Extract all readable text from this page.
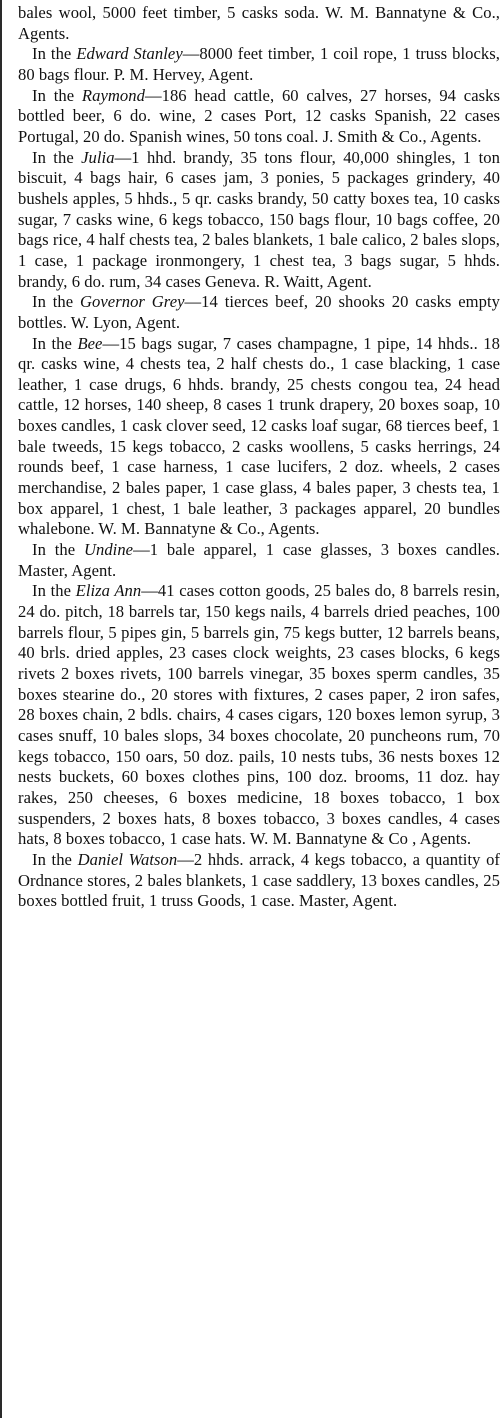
bales wool, 5000 feet timber, 5 casks soda. W. M. Bannatyne & Co., Agents.

In the Edward Stanley—8000 feet timber, 1 coil rope, 1 truss blocks, 80 bags flour. P. M. Hervey, Agent.

In the Raymond—186 head cattle, 60 calves, 27 horses, 94 casks bottled beer, 6 do. wine, 2 cases Port, 12 casks Spanish, 22 cases Portugal, 20 do. Spanish wines, 50 tons coal. J. Smith & Co., Agents.

In the Julia—1 hhd. brandy, 35 tons flour, 40,000 shingles, 1 ton biscuit, 4 bags hair, 6 cases jam, 3 ponies, 5 packages grindery, 40 bushels apples, 5 hhds., 5 qr. casks brandy, 50 catty boxes tea, 10 casks sugar, 7 casks wine, 6 kegs tobacco, 150 bags flour, 10 bags coffee, 20 bags rice, 4 half chests tea, 2 bales blankets, 1 bale calico, 2 bales slops, 1 case, 1 package ironmongery, 1 chest tea, 3 bags sugar, 5 hhds. brandy, 6 do. rum, 34 cases Geneva. R. Waitt, Agent.

In the Governor Grey—14 tierces beef, 20 shooks 20 casks empty bottles. W. Lyon, Agent.

In the Bee—15 bags sugar, 7 cases champagne, 1 pipe, 14 hhds.. 18 qr. casks wine, 4 chests tea, 2 half chests do., 1 case blacking, 1 case leather, 1 case drugs, 6 hhds. brandy, 25 chests congou tea, 24 head cattle, 12 horses, 140 sheep, 8 cases 1 trunk drapery, 20 boxes soap, 10 boxes candles, 1 cask clover seed, 12 casks loaf sugar, 68 tierces beef, 1 bale tweeds, 15 kegs tobacco, 2 casks woollens, 5 casks herrings, 24 rounds beef, 1 case harness, 1 case lucifers, 2 doz. wheels, 2 cases merchandise, 2 bales paper, 1 case glass, 4 bales paper, 3 chests tea, 1 box apparel, 1 chest, 1 bale leather, 3 packages apparel, 20 bundles whalebone. W. M. Bannatyne & Co., Agents.

In the Undine—1 bale apparel, 1 case glasses, 3 boxes candles. Master, Agent.

In the Eliza Ann—41 cases cotton goods, 25 bales do, 8 barrels resin, 24 do. pitch, 18 barrels tar, 150 kegs nails, 4 barrels dried peaches, 100 barrels flour, 5 pipes gin, 5 barrels gin, 75 kegs butter, 12 barrels beans, 40 brls. dried apples, 23 cases clock weights, 23 cases blocks, 6 kegs rivets 2 boxes rivets, 100 barrels vinegar, 35 boxes sperm candles, 35 boxes stearine do., 20 stores with fixtures, 2 cases paper, 2 iron safes, 28 boxes chain, 2 bdls. chairs, 4 cases cigars, 120 boxes lemon syrup, 3 cases snuff, 10 bales slops, 34 boxes chocolate, 20 puncheons rum, 70 kegs tobacco, 150 oars, 50 doz. pails, 10 nests tubs, 36 nests boxes 12 nests buckets, 60 boxes clothes pins, 100 doz. brooms, 11 doz. hay rakes, 250 cheeses, 6 boxes medicine, 18 boxes tobacco, 1 box suspenders, 2 boxes hats, 8 boxes tobacco, 3 boxes candles, 4 cases hats, 8 boxes tobacco, 1 case hats. W. M. Bannatyne & Co , Agents.

In the Daniel Watson—2 hhds. arrack, 4 kegs tobacco, a quantity of Ordnance stores, 2 bales blankets, 1 case saddlery, 13 boxes candles, 25 boxes bottled fruit, 1 truss Goods, 1 case. Master, Agent.
